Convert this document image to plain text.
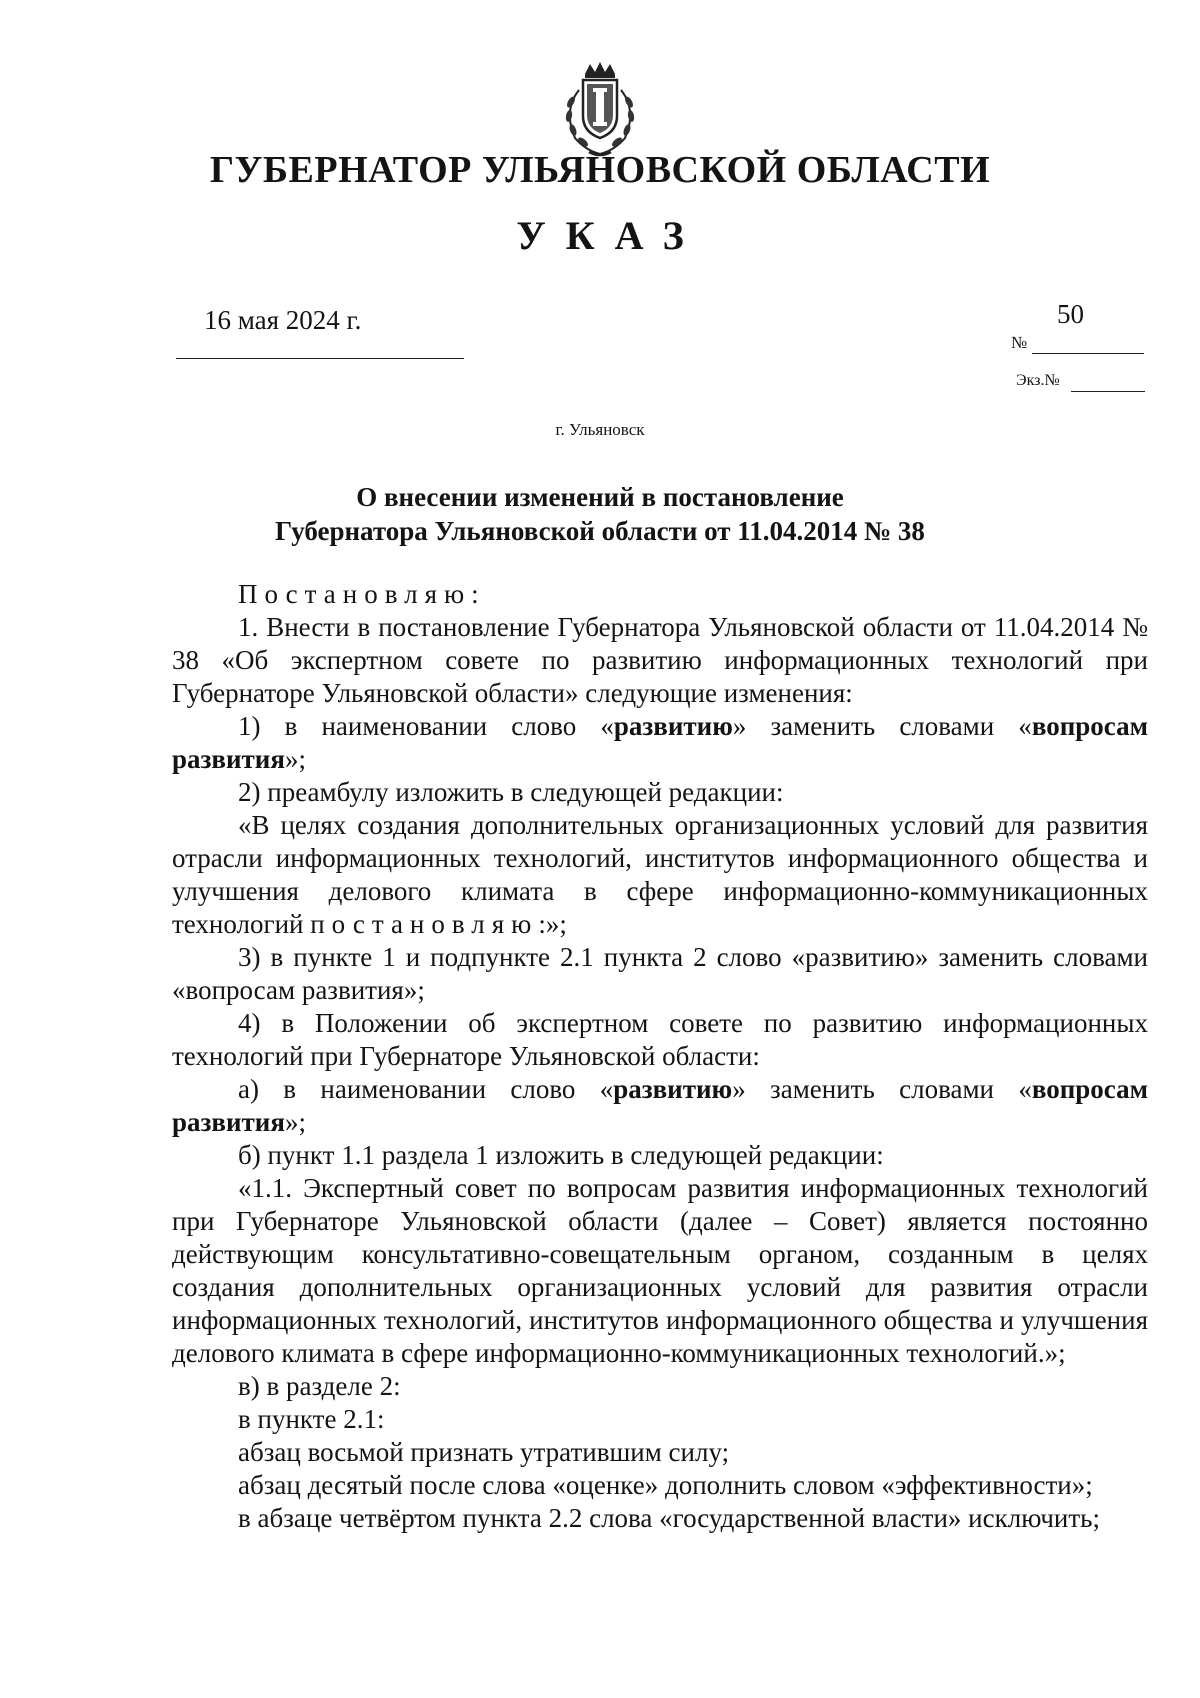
ГУБЕРНАТОР УЛЬЯНОВСКОЙ ОБЛАСТИ
УКАЗ
16 мая 2024 г.	50
№
Экз.№
г. Ульяновск
О внесении изменений в постановление
Губернатора Ульяновской области от 11.04.2014 № 38

Постановляю:

1. Внести в постановление Губернатора Ульяновской области от 11.04.2014 № 38 «Об экспертном совете по развитию информационных технологий при Губернаторе Ульяновской области» следующие изменения:

1) в наименовании слово «развитию» заменить словами «вопросам развития»;

2) преамбулу изложить в следующей редакции:

«В целях создания дополнительных организационных условий для развития отрасли информационных технологий, институтов информационного общества и улучшения делового климата в сфере информационно-коммуникационных технологий постановляю:»;

3) в пункте 1 и подпункте 2.1 пункта 2 слово «развитию» заменить словами «вопросам развития»;

4) в Положении об экспертном совете по развитию информационных технологий при Губернаторе Ульяновской области:

а) в наименовании слово «развитию» заменить словами «вопросам развития»;

б) пункт 1.1 раздела 1 изложить в следующей редакции:

«1.1. Экспертный совет по вопросам развития информационных технологий при Губернаторе Ульяновской области (далее – Совет) является постоянно действующим консультативно-совещательным органом, созданным в целях создания дополнительных организационных условий для развития отрасли информационных технологий, институтов информационного общества и улучшения делового климата в сфере информационно-коммуникационных технологий.»;

в) в разделе 2:

в пункте 2.1:

абзац восьмой признать утратившим силу;

абзац десятый после слова «оценке» дополнить словом «эффективности»;

в абзаце четвёртом пункта 2.2 слова «государственной власти» исключить;
